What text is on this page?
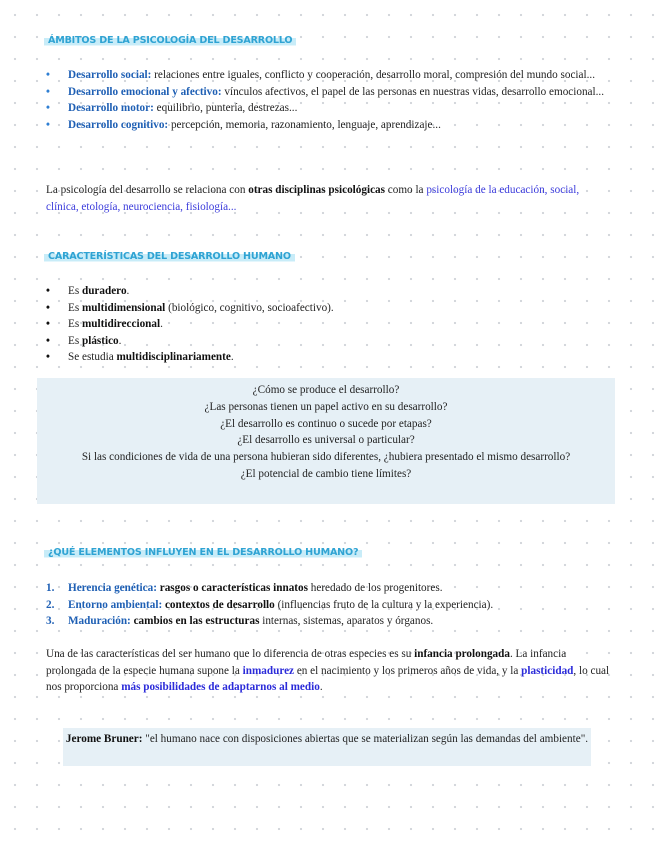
ÁMBITOS DE LA PSICOLOGÍA DEL DESARROLLO
• Desarrollo social: relaciones entre iguales, conflicto y cooperación, desarrollo moral, compresión del mundo social...
• Desarrollo emocional y afectivo: vínculos afectivos, el papel de las personas en nuestras vidas, desarrollo emocional...
• Desarrollo motor: equilibrio, puntería, destrezas...
• Desarrollo cognitivo: percepción, memoria, razonamiento, lenguaje, aprendizaje...

La psicología del desarrollo se relaciona con otras disciplinas psicológicas como la psicología de la educación, social, clínica, etología, neurociencia, fisiología...

CARACTERÍSTICAS DEL DESARROLLO HUMANO
• Es duradero.
• Es multidimensional (biológico, cognitivo, socioafectivo).
• Es multidireccional.
• Es plástico.
• Se estudia multidisciplinariamente.
¿Cómo se produce el desarrollo?
¿Las personas tienen un papel activo en su desarrollo?
¿El desarrollo es continuo o sucede por etapas?
¿El desarrollo es universal o particular?
Si las condiciones de vida de una persona hubieran sido diferentes, ¿hubiera presentado el mismo desarrollo?
¿El potencial de cambio tiene límites?
¿QUÉ ELEMENTOS INFLUYEN EN EL DESARROLLO HUMANO?
1. Herencia genética: rasgos o características innatos heredado de los progenitores.
2. Entorno ambiental: contextos de desarrollo (influencias fruto de la cultura y la experiencia).
3. Maduración: cambios en las estructuras internas, sistemas, aparatos y órganos.

Una de las características del ser humano que lo diferencia de otras especies es su infancia prolongada. La infancia prolongada de la especie humana supone la inmadurez en el nacimiento y los primeros años de vida, y la plasticidad, lo cual nos proporciona más posibilidades de adaptarnos al medio.

Jerome Bruner: "el humano nace con disposiciones abiertas que se materializan según las demandas del ambiente".
